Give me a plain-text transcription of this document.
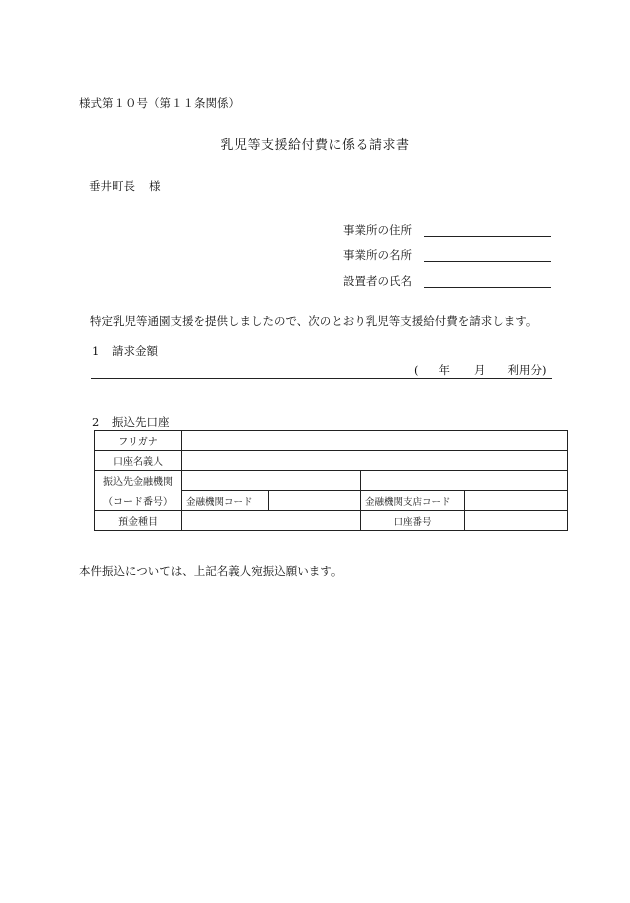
様式第１０号（第１１条関係）
乳児等支援給付費に係る請求書
垂井町長 様
事業所の住所
事業所の名所
設置者の氏名
特定乳児等通園支援を提供しましたので、次のとおり乳児等支援給付費を請求します。
1 請求金額
( 年 月 利用分)
2 振込先口座
フリガナ				
口座名義人				
振込先金融機関				
（コード番号）	金融機関コード		金融機関支店コード	
預金種目			口座番号	
本件振込については、上記名義人宛振込願います。
